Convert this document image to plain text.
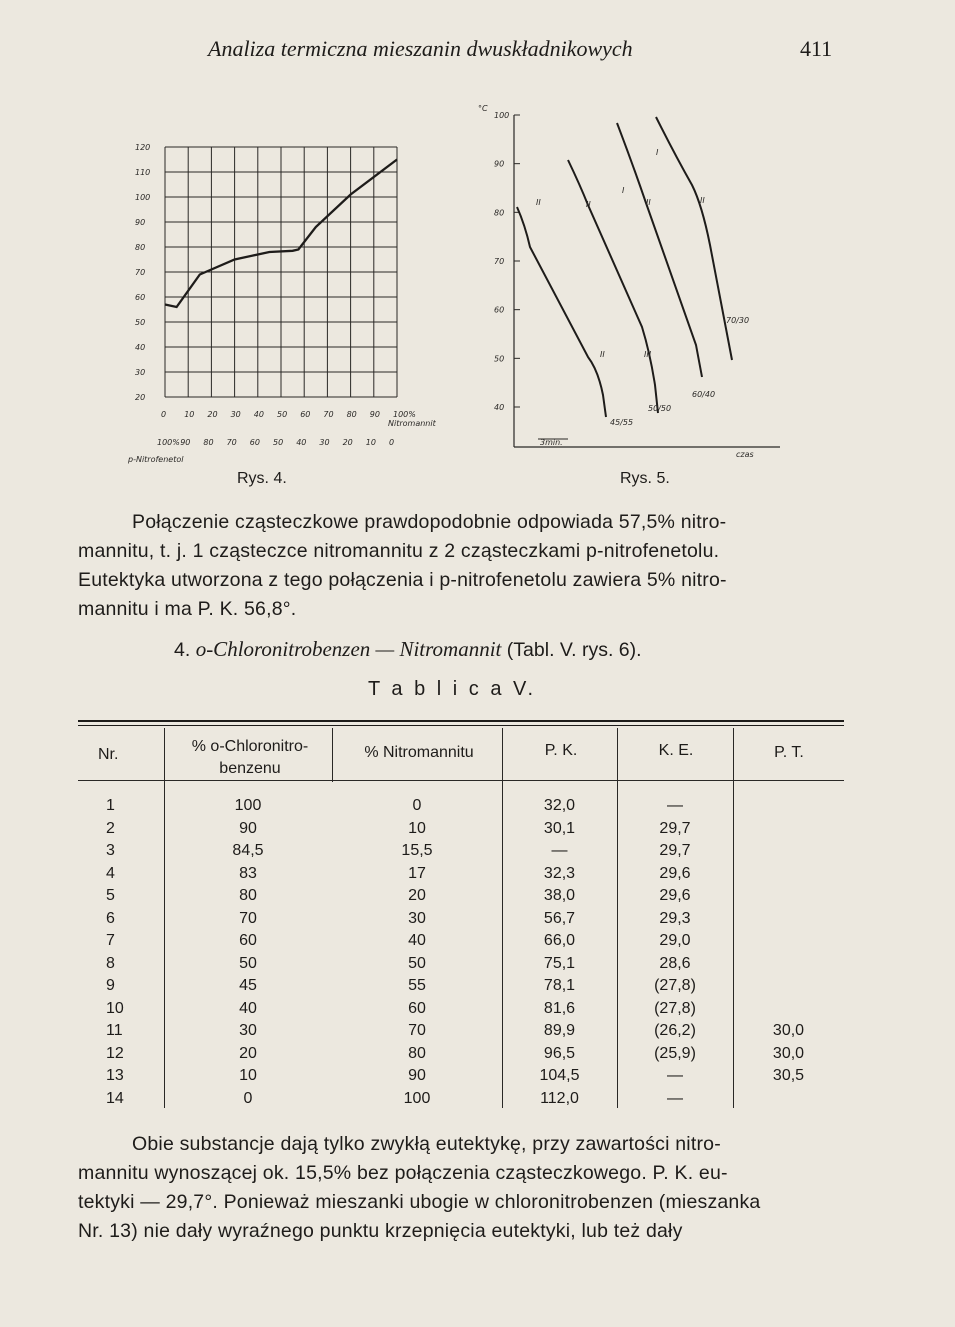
Analiza termiczna mieszanin dwuskładnikowych	411
120
110
100
90
80
70
60
50
40
30
20
0 10 20 30 40 50 60 70 80 90 100%
100% 90 80 70 60 50 40 30 20 10 0
Nitromannit
p-Nitrofenetol
Rys. 4.
°C
100
90
80
70
60
50
40
II	II
I
II
I
II
II	III
45/55
50/50
60/40
70/30
3min.
czas
Rys. 5.
Połączenie cząsteczkowe prawdopodobnie odpowiada 57,5% nitro-
mannitu, t. j. 1 cząsteczce nitromannitu z 2 cząsteczkami p-nitrofenetolu.
Eutektyka utworzona z tego połączenia i p-nitrofenetolu zawiera 5% nitro-
mannitu i ma P. K. 56,8°.
4. o-Chloronitrobenzen — Nitromannit (Tabl. V. rys. 6).
T a b l i c a V.
Nr.	% o-Chloronitro-
benzenu
% Nitromannitu	P. K.	K. E.	P. T.
1	100	0	32,0	—	
2	90	10	30,1	29,7	
3	84,5	15,5	—	29,7	
4	83	17	32,3	29,6	
5	80	20	38,0	29,6	
6	70	30	56,7	29,3	
7	60	40	66,0	29,0	
8	50	50	75,1	28,6	
9	45	55	78,1	(27,8)	
10	40	60	81,6	(27,8)	
11	30	70	89,9	(26,2)	30,0
12	20	80	96,5	(25,9)	30,0
13	10	90	104,5	—	30,5
14	0	100	112,0	—	
Obie substancje dają tylko zwykłą eutektykę, przy zawartości nitro-
mannitu wynoszącej ok. 15,5% bez połączenia cząsteczkowego. P. K. eu-
tektyki — 29,7°. Ponieważ mieszanki ubogie w chloronitrobenzen (mieszanka
Nr. 13) nie dały wyraźnego punktu krzepnięcia eutektyki, lub też dały
